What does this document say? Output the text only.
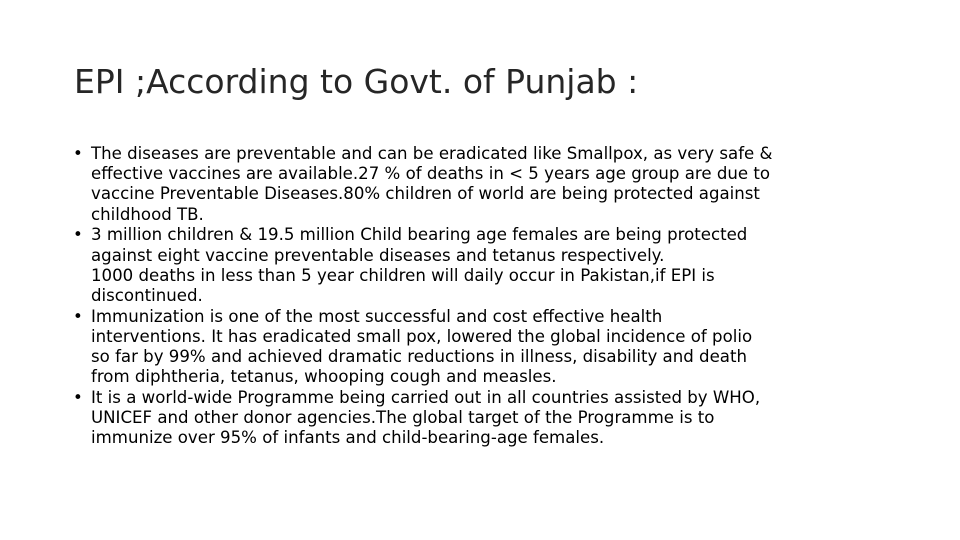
EPI ;According to Govt. of Punjab :
• The diseases are preventable and can be eradicated like Smallpox, as very safe &
effective vaccines are available.27 % of deaths in < 5 years age group are due to
vaccine Preventable Diseases.80% children of world are being protected against
childhood TB.
• 3 million children & 19.5 million Child bearing age females are being protected
against eight vaccine preventable diseases and tetanus respectively.
1000 deaths in less than 5 year children will daily occur in Pakistan,if EPI is
discontinued.
• Immunization is one of the most successful and cost effective health
interventions. It has eradicated small pox, lowered the global incidence of polio
so far by 99% and achieved dramatic reductions in illness, disability and death
from diphtheria, tetanus, whooping cough and measles.
• It is a world-wide Programme being carried out in all countries assisted by WHO,
UNICEF and other donor agencies.The global target of the Programme is to
immunize over 95% of infants and child-bearing-age females.
